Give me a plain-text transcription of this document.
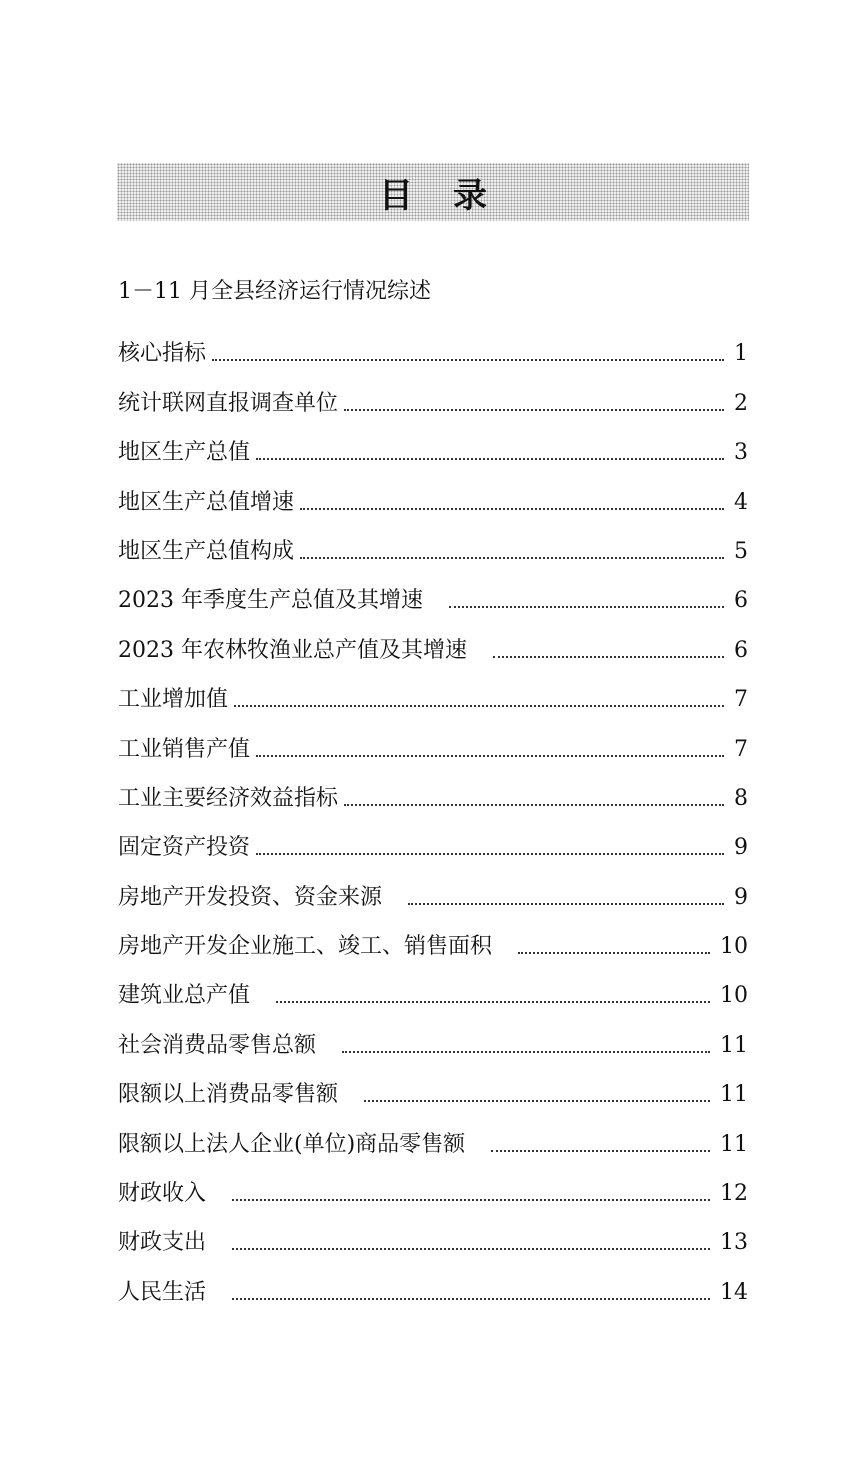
目录
1－11 月全县经济运行情况综述
核心指标	1
统计联网直报调查单位	2
地区生产总值	3
地区生产总值增速	4
地区生产总值构成	5
2023 年季度生产总值及其增速	6
2023 年农林牧渔业总产值及其增速	6
工业增加值	7
工业销售产值	7
工业主要经济效益指标	8
固定资产投资	9
房地产开发投资、资金来源	9
房地产开发企业施工、竣工、销售面积	10
建筑业总产值	10
社会消费品零售总额	11
限额以上消费品零售额	11
限额以上法人企业(单位)商品零售额	11
财政收入	12
财政支出	13
人民生活	14
